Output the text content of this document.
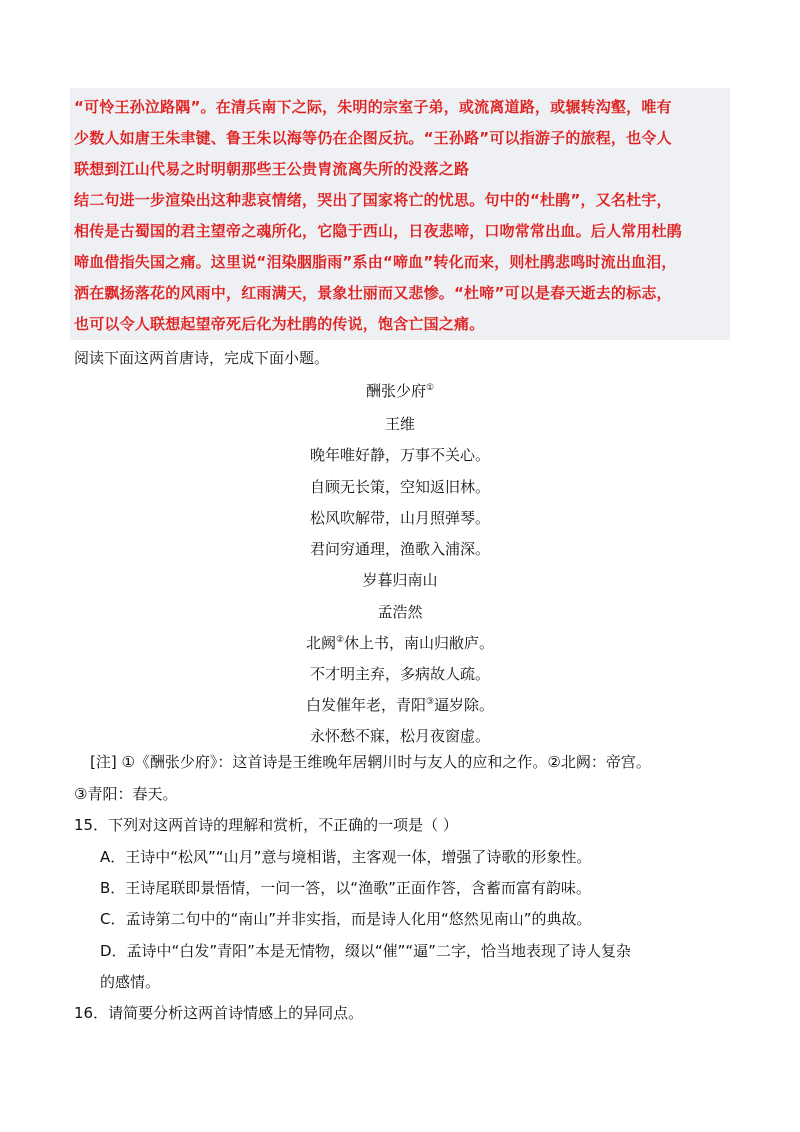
“可怜王孙泣路隅”。在清兵南下之际，朱明的宗室子弟，或流离道路，或辗转沟壑，唯有
少数人如唐王朱聿键、鲁王朱以海等仍在企图反抗。“王孙路”可以指游子的旅程，也令人
联想到江山代易之时明朝那些王公贵胄流离失所的没落之路
结二句进一步渲染出这种悲哀情绪，哭出了国家将亡的忧思。句中的“杜鹃”，又名杜宇，
相传是古蜀国的君主望帝之魂所化，它隐于西山，日夜悲啼，口吻常常出血。后人常用杜鹃
啼血借指失国之痛。这里说“泪染胭脂雨”系由“啼血”转化而来，则杜鹃悲鸣时流出血泪，
洒在飘扬落花的风雨中，红雨满天，景象壮丽而又悲惨。“杜啼”可以是春天逝去的标志，
也可以令人联想起望帝死后化为杜鹃的传说，饱含亡国之痛。
阅读下面这两首唐诗，完成下面小题。
酬张少府①
王维
晚年唯好静，万事不关心。
自顾无长策，空知返旧林。
松风吹解带，山月照弹琴。
君问穷通理，渔歌入浦深。
岁暮归南山
孟浩然
北阙②休上书，南山归敝庐。
不才明主弃，多病故人疏。
白发催年老，青阳③逼岁除。
永怀愁不寐，松月夜窗虚。
[注] ①《酬张少府》：这首诗是王维晚年居辋川时与友人的应和之作。②北阙：帝宫。
③青阳：春天。
15．下列对这两首诗的理解和赏析，不正确的一项是（ ）
A．王诗中“松风”“山月”意与境相谐，主客观一体，增强了诗歌的形象性。
B．王诗尾联即景悟情，一问一答，以“渔歌”正面作答，含蓄而富有韵味。
C．孟诗第二句中的“南山”并非实指，而是诗人化用“悠然见南山”的典故。
D．孟诗中“白发”青阳”本是无情物，缀以“催”“逼”二字，恰当地表现了诗人复杂
的感情。
16．请简要分析这两首诗情感上的异同点。
